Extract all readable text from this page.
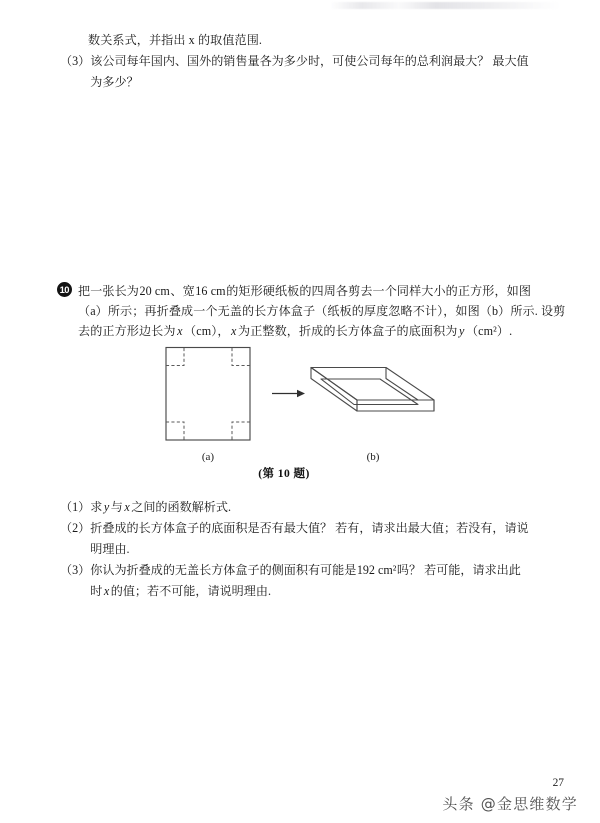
数关系式，并指出 x 的取值范围.
（3） 该公司每年国内、国外的销售量各为多少时，可使公司每年的总利润最大？ 最大值
为多少？
10 把一张长为20 cm、宽16 cm的矩形硬纸板的四周各剪去一个同样大小的正方形，如图
（a）所示；再折叠成一个无盖的长方体盒子（纸板的厚度忽略不计），如图（b）所示. 设剪
去的正方形边长为 x （cm）， x 为正整数，折成的长方体盒子的底面积为 y （cm²）.
(a)	(b)
(第 10 题)
（1） 求 y 与 x 之间的函数解析式.
（2） 折叠成的长方体盒子的底面积是否有最大值？ 若有，请求出最大值；若没有，请说
明理由.
（3） 你认为折叠成的无盖长方体盒子的侧面积有可能是192 cm²吗？ 若可能，请求出此
时 x 的值；若不可能，请说明理由.
27
头条 @金思维数学
